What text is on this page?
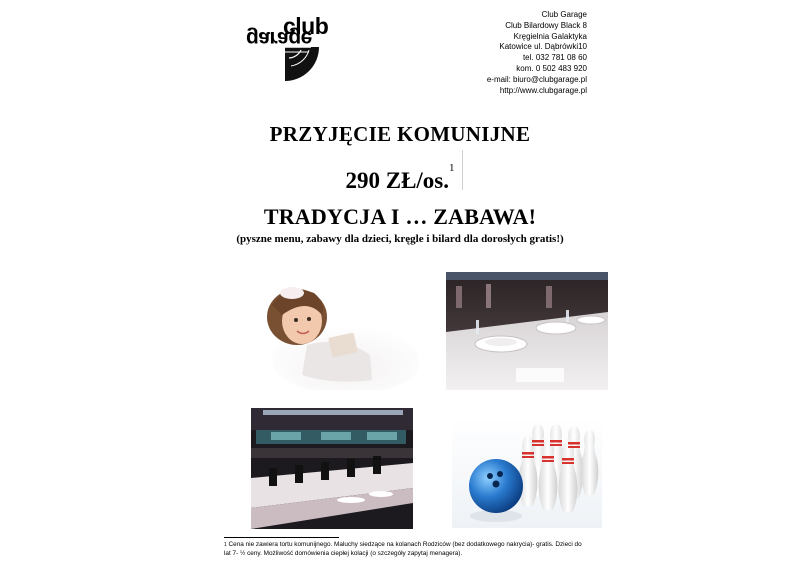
club
garage
Club Garage
Club Bilardowy Black 8
Kręgielnia Galaktyka
Katowice ul. Dąbrówki10
tel. 032 781 08 60
kom. 0 502 483 920
e-mail: biuro@clubgarage.pl
http://www.clubgarage.pl
PRZYJĘCIE KOMUNIJNE
290 ZŁ/os.$^1$
TRADYCJA I … ZABAWA!
(pyszne menu, zabawy dla dzieci, kręgle i bilard dla dorosłych gratis!)
$^1$ Cena nie zawiera tortu komunijnego. Maluchy siedzące na kolanach Rodziców (bez dodatkowego nakrycia)- gratis. Dzieci do lat 7- ½ ceny. Możliwość domówienia ciepłej kolacji (o szczegóły zapytaj menagera).
